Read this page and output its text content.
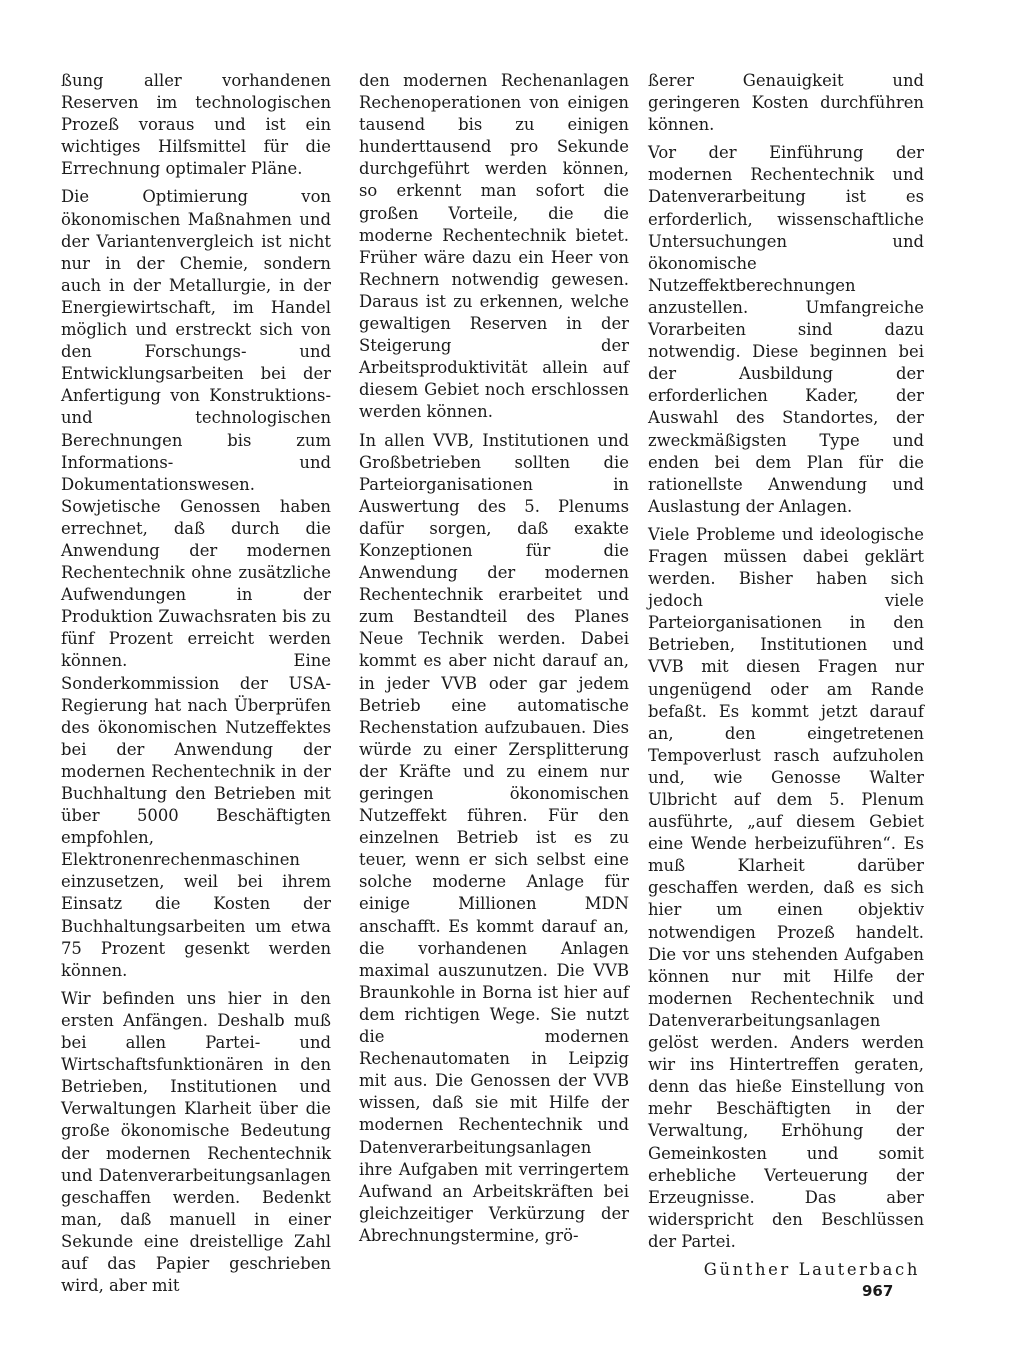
ßung aller vorhandenen Reserven im technologischen Prozeß voraus und ist ein wichtiges Hilfsmittel für die Errechnung optimaler Pläne.

Die Optimierung von ökonomischen Maßnahmen und der Variantenvergleich ist nicht nur in der Chemie, sondern auch in der Metallurgie, in der Energiewirtschaft, im Handel möglich und erstreckt sich von den Forschungs- und Entwicklungsarbeiten bei der Anfertigung von Konstruktions- und technologischen Berechnungen bis zum Informations- und Dokumentationswesen. Sowjetische Genossen haben errechnet, daß durch die Anwendung der modernen Rechentechnik ohne zusätzliche Aufwendungen in der Produktion Zuwachsraten bis zu fünf Prozent erreicht werden können. Eine Sonderkommission der USA-Regierung hat nach Überprüfen des ökonomischen Nutzeffektes bei der Anwendung der modernen Rechentechnik in der Buchhaltung den Betrieben mit über 5000 Beschäftigten empfohlen, Elektronenrechenmaschinen einzusetzen, weil bei ihrem Einsatz die Kosten der Buchhaltungsarbeiten um etwa 75 Prozent gesenkt werden können.

Wir befinden uns hier in den ersten Anfängen. Deshalb muß bei allen Partei- und Wirtschaftsfunktionären in den Betrieben, Institutionen und Verwaltungen Klarheit über die große ökonomische Bedeutung der modernen Rechentechnik und Datenverarbeitungsanlagen geschaffen werden. Bedenkt man, daß manuell in einer Sekunde eine dreistellige Zahl auf das Papier geschrieben wird, aber mit

den modernen Rechenanlagen Rechenoperationen von einigen tausend bis zu einigen hunderttausend pro Sekunde durchgeführt werden können, so erkennt man sofort die großen Vorteile, die die moderne Rechentechnik bietet. Früher wäre dazu ein Heer von Rechnern notwendig gewesen. Daraus ist zu erkennen, welche gewaltigen Reserven in der Steigerung der Arbeitsproduktivität allein auf diesem Gebiet noch erschlossen werden können.

In allen VVB, Institutionen und Großbetrieben sollten die Parteiorganisationen in Auswertung des 5. Plenums dafür sorgen, daß exakte Konzeptionen für die Anwendung der modernen Rechentechnik erarbeitet und zum Bestandteil des Planes Neue Technik werden. Dabei kommt es aber nicht darauf an, in jeder VVB oder gar jedem Betrieb eine automatische Rechenstation aufzubauen. Dies würde zu einer Zersplitterung der Kräfte und zu einem nur geringen ökonomischen Nutzeffekt führen. Für den einzelnen Betrieb ist es zu teuer, wenn er sich selbst eine solche moderne Anlage für einige Millionen MDN anschafft. Es kommt darauf an, die vorhandenen Anlagen maximal auszunutzen. Die VVB Braunkohle in Borna ist hier auf dem richtigen Wege. Sie nutzt die modernen Rechenautomaten in Leipzig mit aus. Die Genossen der VVB wissen, daß sie mit Hilfe der modernen Rechentechnik und Datenverarbeitungsanlagen ihre Aufgaben mit verringertem Aufwand an Arbeitskräften bei gleichzeitiger Verkürzung der Abrechnungstermine, grö-

ßerer Genauigkeit und geringeren Kosten durchführen können.

Vor der Einführung der modernen Rechentechnik und Datenverarbeitung ist es erforderlich, wissenschaftliche Untersuchungen und ökonomische Nutzeffektberechnungen anzustellen. Umfangreiche Vorarbeiten sind dazu notwendig. Diese beginnen bei der Ausbildung der erforderlichen Kader, der Auswahl des Standortes, der zweckmäßigsten Type und enden bei dem Plan für die rationellste Anwendung und Auslastung der Anlagen.

Viele Probleme und ideologische Fragen müssen dabei geklärt werden. Bisher haben sich jedoch viele Parteiorganisationen in den Betrieben, Institutionen und VVB mit diesen Fragen nur ungenügend oder am Rande befaßt. Es kommt jetzt darauf an, den eingetretenen Tempoverlust rasch aufzuholen und, wie Genosse Walter Ulbricht auf dem 5. Plenum ausführte, „auf diesem Gebiet eine Wende herbeizuführen“. Es muß Klarheit darüber geschaffen werden, daß es sich hier um einen objektiv notwendigen Prozeß handelt. Die vor uns stehenden Aufgaben können nur mit Hilfe der modernen Rechentechnik und Datenverarbeitungsanlagen gelöst werden. Anders werden wir ins Hintertreffen geraten, denn das hieße Einstellung von mehr Beschäftigten in der Verwaltung, Erhöhung der Gemeinkosten und somit erhebliche Verteuerung der Erzeugnisse. Das aber widerspricht den Beschlüssen der Partei.

Günther Lauterbach
967
